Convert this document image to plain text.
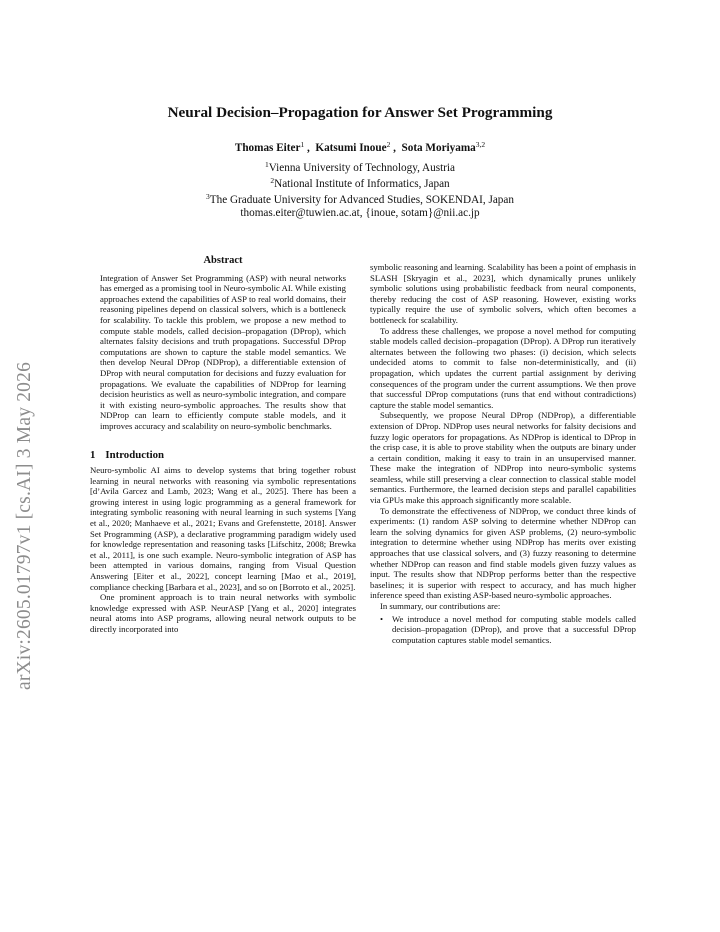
arXiv:2605.01797v1 [cs.AI] 3 May 2026
Neural Decision–Propagation for Answer Set Programming
Thomas Eiter$^1$ ,  Katsumi Inoue$^2$ ,  Sota Moriyama$^{3,2}$
$^1$Vienna University of Technology, Austria
$^2$National Institute of Informatics, Japan
$^3$The Graduate University for Advanced Studies, SOKENDAI, Japan
thomas.eiter@tuwien.ac.at, {inoue, sotam}@nii.ac.jp
Abstract
Integration of Answer Set Programming (ASP) with neural networks has emerged as a promising tool in Neuro-symbolic AI. While existing approaches extend the capabilities of ASP to real world domains, their reasoning pipelines depend on classical solvers, which is a bottleneck for scalability. To tackle this problem, we propose a new method to compute stable models, called decision–propagation (DProp), which alternates falsity decisions and truth propagations. Successful DProp computations are shown to capture the stable model semantics. We then develop Neural DProp (NDProp), a differentiable extension of DProp with neural computation for decisions and fuzzy evaluation for propagations. We evaluate the capabilities of NDProp for learning decision heuristics as well as neuro-symbolic integration, and compare it with existing neuro-symbolic approaches. The results show that NDProp can learn to efficiently compute stable models, and it improves accuracy and scalability on neuro-symbolic benchmarks.
1 Introduction

Neuro-symbolic AI aims to develop systems that bring together robust learning in neural networks with reasoning via symbolic representations [d’Avila Garcez and Lamb, 2023; Wang et al., 2025]. There has been a growing interest in using logic programming as a general framework for integrating symbolic reasoning with neural learning in such systems [Yang et al., 2020; Manhaeve et al., 2021; Evans and Grefenstette, 2018]. Answer Set Programming (ASP), a declarative programming paradigm widely used for knowledge representation and reasoning tasks [Lifschitz, 2008; Brewka et al., 2011], is one such example. Neuro-symbolic integration of ASP has been attempted in various domains, ranging from Visual Question Answering [Eiter et al., 2022], concept learning [Mao et al., 2019], compliance checking [Barbara et al., 2023], and so on [Borroto et al., 2025].

One prominent approach is to train neural networks with symbolic knowledge expressed with ASP. NeurASP [Yang et al., 2020] integrates neural atoms into ASP programs, allowing neural network outputs to be directly incorporated into

symbolic reasoning and learning. Scalability has been a point of emphasis in SLASH [Skryagin et al., 2023], which dynamically prunes unlikely symbolic solutions using probabilistic feedback from neural components, thereby reducing the cost of ASP reasoning. However, existing works typically require the use of symbolic solvers, which often becomes a bottleneck for scalability.

To address these challenges, we propose a novel method for computing stable models called decision–propagation (DProp). A DProp run iteratively alternates between the following two phases: (i) decision, which selects undecided atoms to commit to false non-deterministically, and (ii) propagation, which updates the current partial assignment by deriving consequences of the program under the current assumptions. We then prove that successful DProp computations (runs that end without contradictions) capture the stable model semantics.

Subsequently, we propose Neural DProp (NDProp), a differentiable extension of DProp. NDProp uses neural networks for falsity decisions and fuzzy logic operators for propagations. As NDProp is identical to DProp in the crisp case, it is able to prove stability when the outputs are binary under a certain condition, making it easy to train in an unsupervised manner. These make the integration of NDProp into neuro-symbolic systems seamless, while still preserving a clear connection to classical stable model semantics. Furthermore, the learned decision steps and parallel capabilities via GPUs make this approach significantly more scalable.

To demonstrate the effectiveness of NDProp, we conduct three kinds of experiments: (1) random ASP solving to determine whether NDProp can learn the solving dynamics for given ASP problems, (2) neuro-symbolic integration to determine whether using NDProp has merits over existing approaches that use classical solvers, and (3) fuzzy reasoning to determine whether NDProp can reason and find stable models given fuzzy values as input. The results show that NDProp performs better than the respective baselines; it is superior with respect to accuracy, and has much higher inference speed than existing ASP-based neuro-symbolic approaches.

In summary, our contributions are:

• We introduce a novel method for computing stable models called decision–propagation (DProp), and prove that a successful DProp computation captures stable model semantics.
